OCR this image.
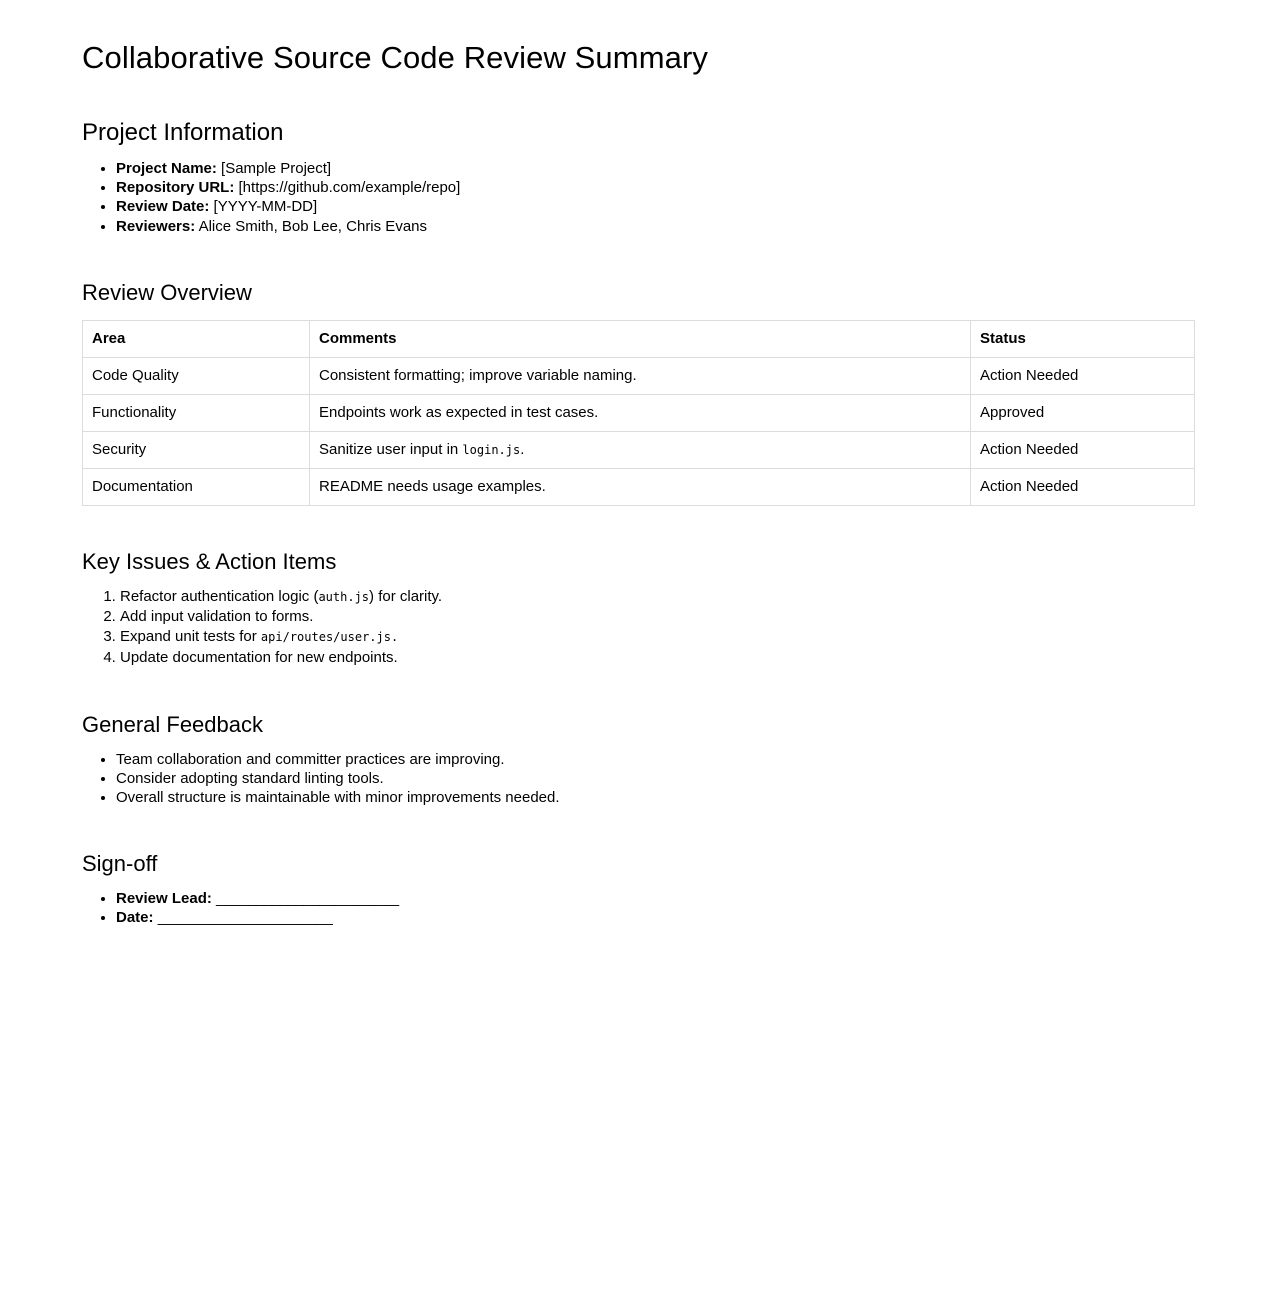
Collaborative Source Code Review Summary
Project Information
• Project Name: [Sample Project]
• Repository URL: [https://github.com/example/repo]
• Review Date: [YYYY-MM-DD]
• Reviewers: Alice Smith, Bob Lee, Chris Evans
Review Overview
Area	Comments	Status
Code Quality	Consistent formatting; improve variable naming.	Action Needed
Functionality	Endpoints work as expected in test cases.	Approved
Security	Sanitize user input in login.js.	Action Needed
Documentation	README needs usage examples.	Action Needed
Key Issues & Action Items
1. Refactor authentication logic (auth.js) for clarity.
2. Add input validation to forms.
3. Expand unit tests for api/routes/user.js.
4. Update documentation for new endpoints.
General Feedback
• Team collaboration and committer practices are improving.
• Consider adopting standard linting tools.
• Overall structure is maintainable with minor improvements needed.
Sign-off
• Review Lead: _______________________
• Date: ______________________
